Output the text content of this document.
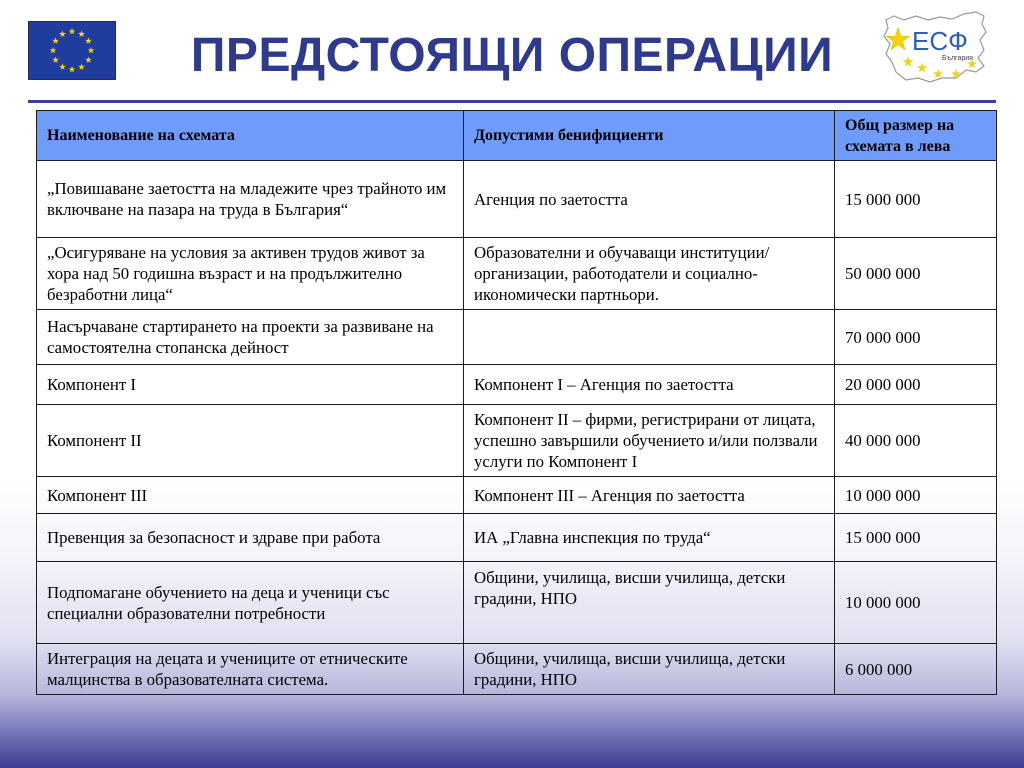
ПРЕДСТОЯЩИ ОПЕРАЦИИ	ЕСФ
България
Наименование на схемата	Допустими бенифициенти	Общ размер на схемата в лева
„Повишаване заетостта на младежите чрез трайното им включване на пазара на труда в България“	Агенция по заетостта	15 000 000
„Осигуряване на условия за активен трудов живот за хора над 50 годишна възраст и на продължително безработни лица“	Образователни и обучаващи институции/ организации, работодатели и социално-икономически партньори.	50 000 000
Насърчаване стартирането на проекти за развиване на самостоятелна стопанска дейност		70 000 000
Компонент I	Компонент I – Агенция по заетостта	20 000 000
Компонент II	Компонент II – фирми, регистрирани от лицата, успешно завършили обучението и/или ползвали услуги по Компонент I	40 000 000
Компонент III	Компонент III – Агенция по заетостта	10 000 000
Превенция за безопасност и здраве при работа	ИА „Главна инспекция по труда“	15 000 000
Подпомагане обучението на деца и ученици със специални образователни потребности	Общини, училища, висши училища, детски градини, НПО	10 000 000
Интеграция на децата и учениците от етническите малцинства в образователната система.	Общини, училища, висши училища, детски градини, НПО	6 000 000
